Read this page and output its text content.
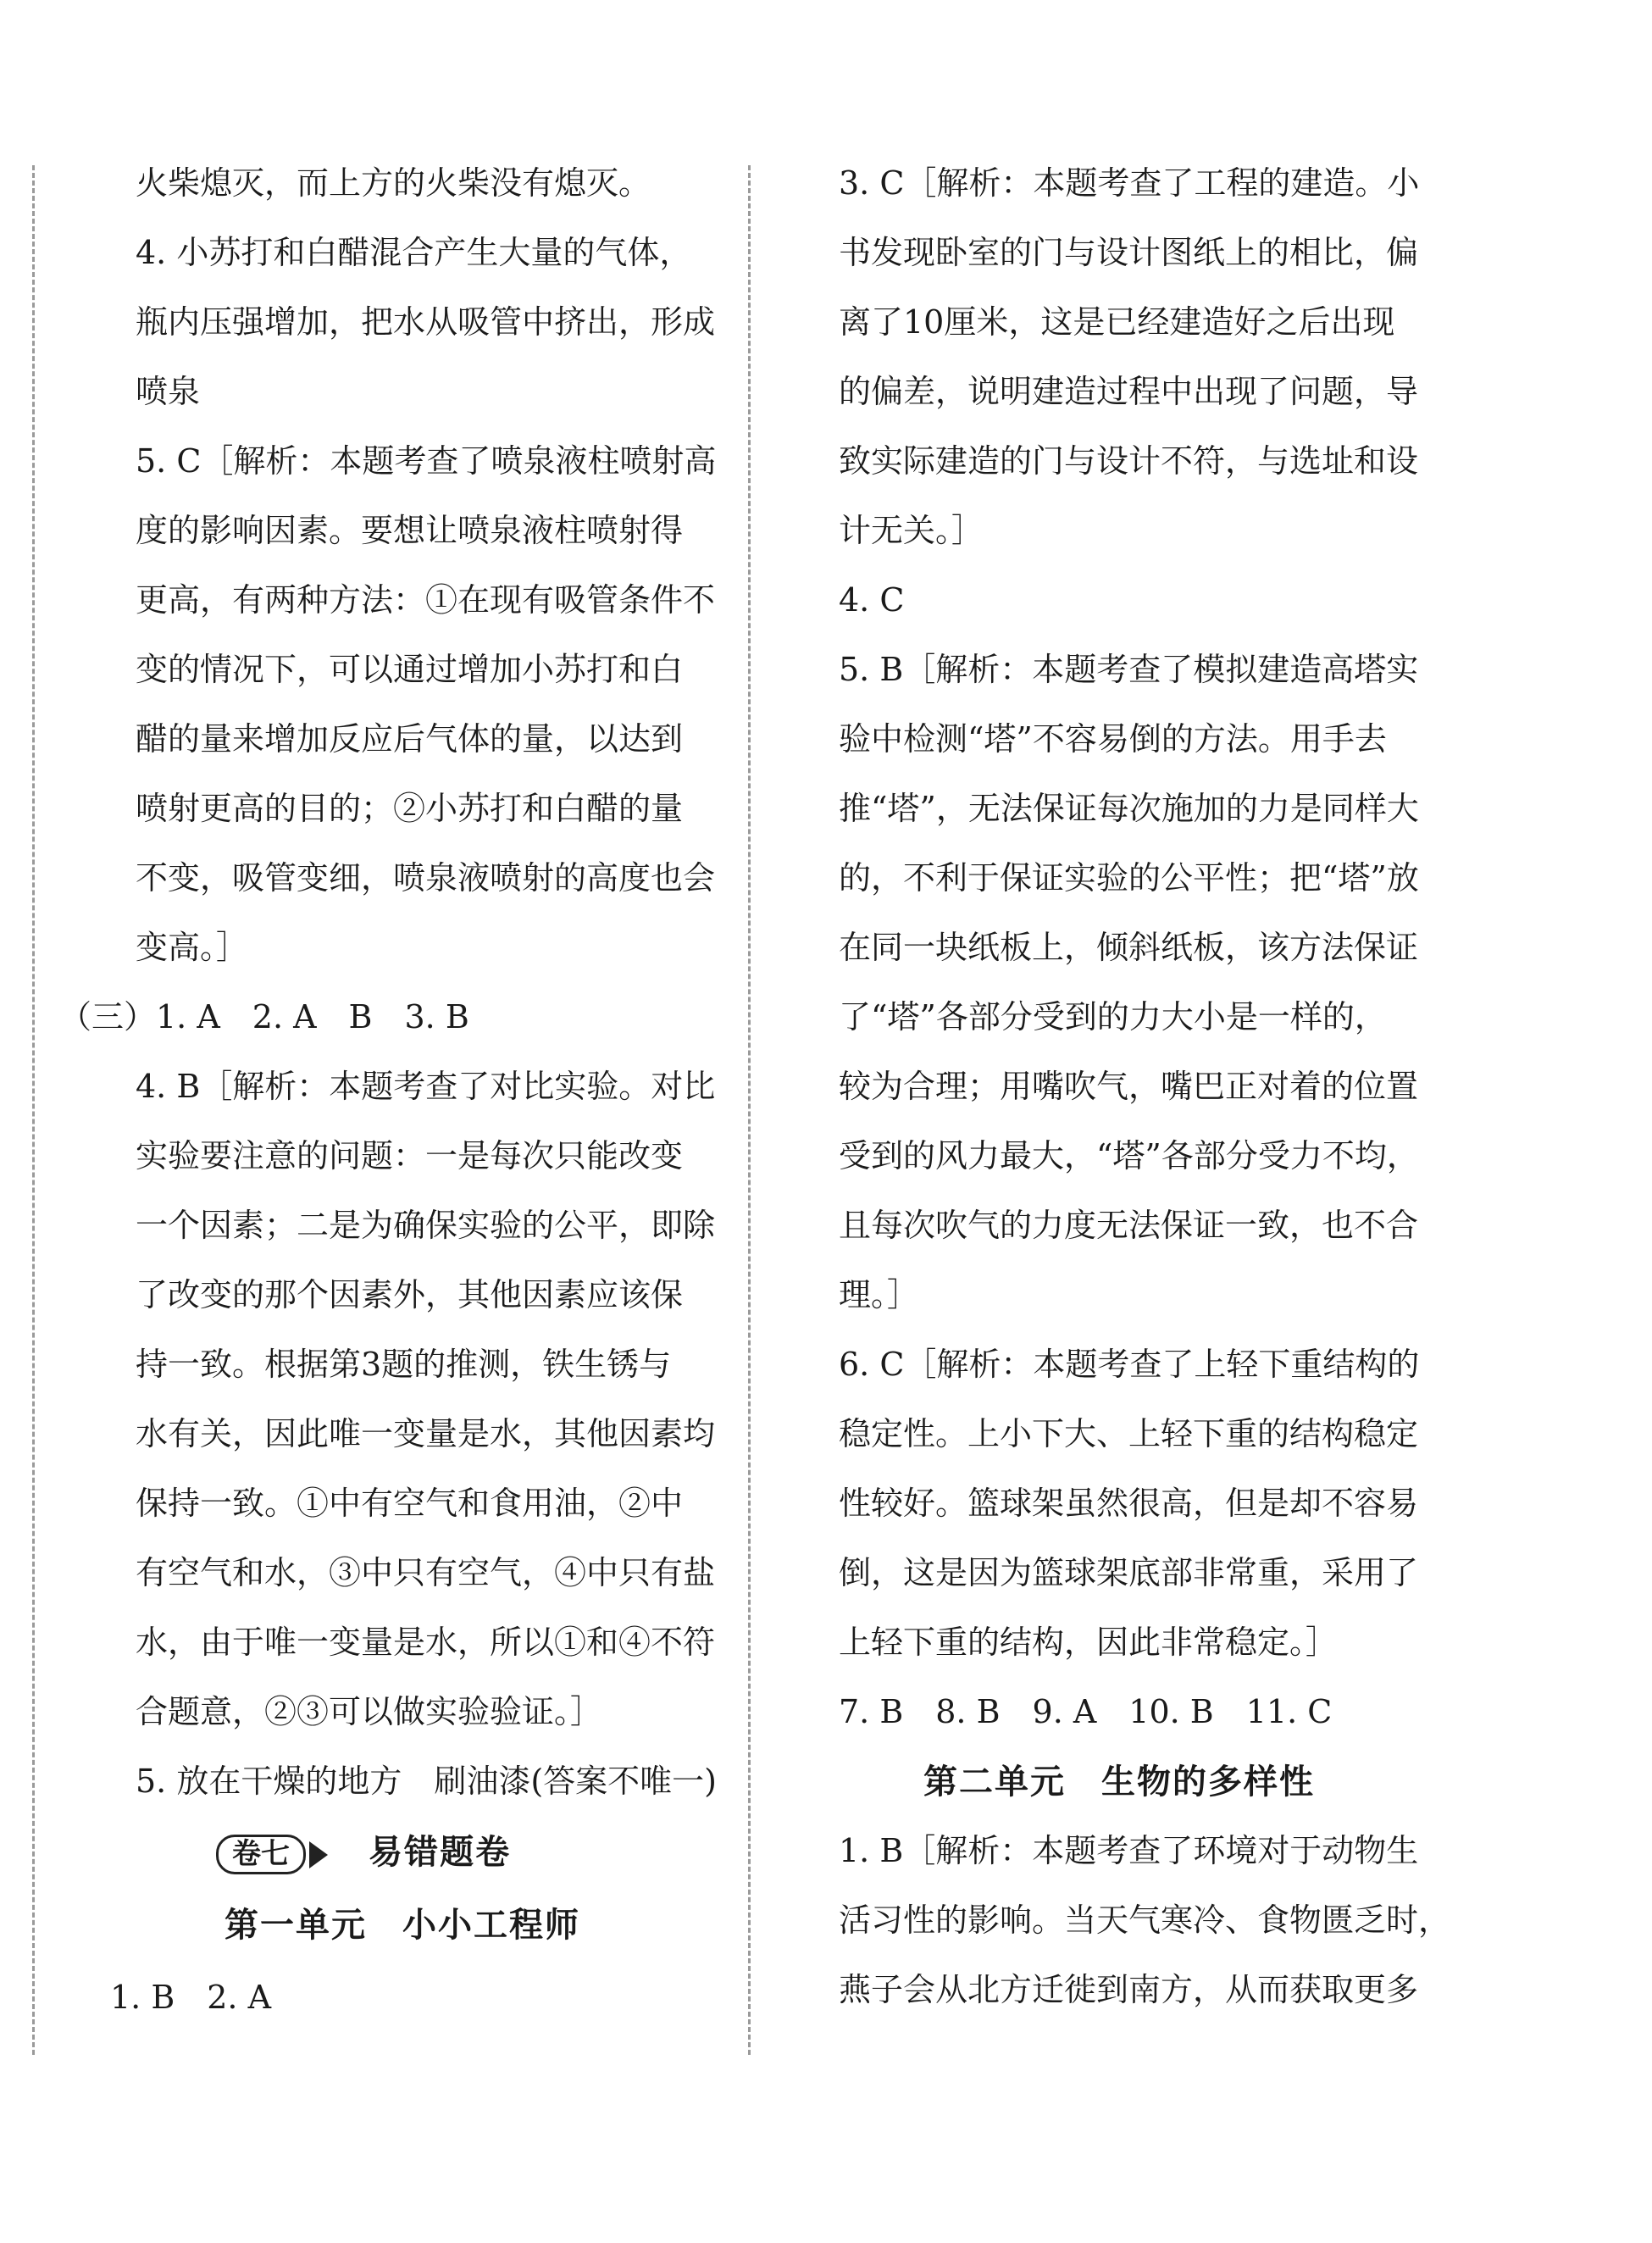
火柴熄灭，而上方的火柴没有熄灭。
4. 小苏打和白醋混合产生大量的气体，
瓶内压强增加，把水从吸管中挤出，形成
喷泉
5. C［解析：本题考查了喷泉液柱喷射高
度的影响因素。要想让喷泉液柱喷射得
更高，有两种方法：①在现有吸管条件不
变的情况下，可以通过增加小苏打和白
醋的量来增加反应后气体的量，以达到
喷射更高的目的；②小苏打和白醋的量
不变，吸管变细，喷泉液喷射的高度也会
变高。］
（三）1. A　2. A　B　3. B
4. B［解析：本题考查了对比实验。对比
实验要注意的问题：一是每次只能改变
一个因素；二是为确保实验的公平，即除
了改变的那个因素外，其他因素应该保
持一致。根据第3题的推测，铁生锈与
水有关，因此唯一变量是水，其他因素均
保持一致。①中有空气和食用油，②中
有空气和水，③中只有空气，④中只有盐
水，由于唯一变量是水，所以①和④不符
合题意，②③可以做实验验证。］
5. 放在干燥的地方　刷油漆(答案不唯一)
卷七	易错题卷
第一单元　小小工程师
1. B　2. A
3. C［解析：本题考查了工程的建造。小
书发现卧室的门与设计图纸上的相比，偏
离了10厘米，这是已经建造好之后出现
的偏差，说明建造过程中出现了问题，导
致实际建造的门与设计不符，与选址和设
计无关。］
4. C
5. B［解析：本题考查了模拟建造高塔实
验中检测“塔”不容易倒的方法。用手去
推“塔”，无法保证每次施加的力是同样大
的，不利于保证实验的公平性；把“塔”放
在同一块纸板上，倾斜纸板，该方法保证
了“塔”各部分受到的力大小是一样的，
较为合理；用嘴吹气，嘴巴正对着的位置
受到的风力最大，“塔”各部分受力不均，
且每次吹气的力度无法保证一致，也不合
理。］
6. C［解析：本题考查了上轻下重结构的
稳定性。上小下大、上轻下重的结构稳定
性较好。篮球架虽然很高，但是却不容易
倒，这是因为篮球架底部非常重，采用了
上轻下重的结构，因此非常稳定。］
7. B　8. B　9. A　10. B　11. C
第二单元　生物的多样性
1. B［解析：本题考查了环境对于动物生
活习性的影响。当天气寒冷、食物匮乏时，
燕子会从北方迁徙到南方，从而获取更多
